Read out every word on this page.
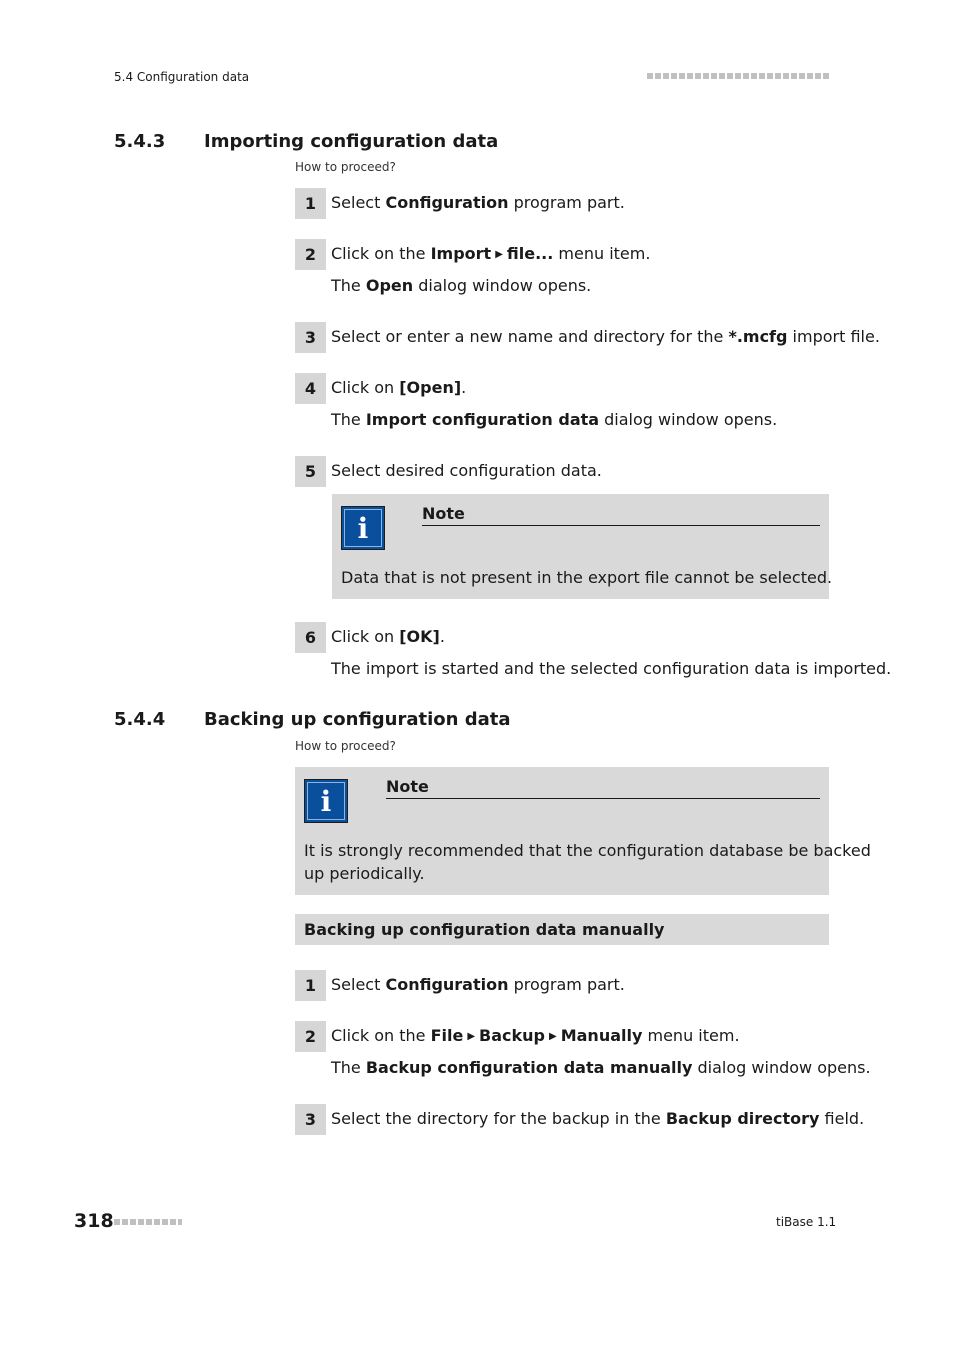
5.4 Configuration data
5.4.3 Importing configuration data
How to proceed?
1 Select Configuration program part.
2 Click on the Import ▶ file... menu item.
The Open dialog window opens.
3 Select or enter a new name and directory for the *.mcfg import file.
4 Click on [Open].
The Import configuration data dialog window opens.
5 Select desired configuration data.
i	Note
Data that is not present in the export file cannot be selected.
6 Click on [OK].
The import is started and the selected configuration data is imported.
5.4.4 Backing up configuration data
How to proceed?
i	Note
It is strongly recommended that the configuration database be backed
up periodically.
Backing up configuration data manually
1 Select Configuration program part.
2 Click on the File ▶ Backup ▶ Manually menu item.
The Backup configuration data manually dialog window opens.
3 Select the directory for the backup in the Backup directory field.
318	tiBase 1.1
